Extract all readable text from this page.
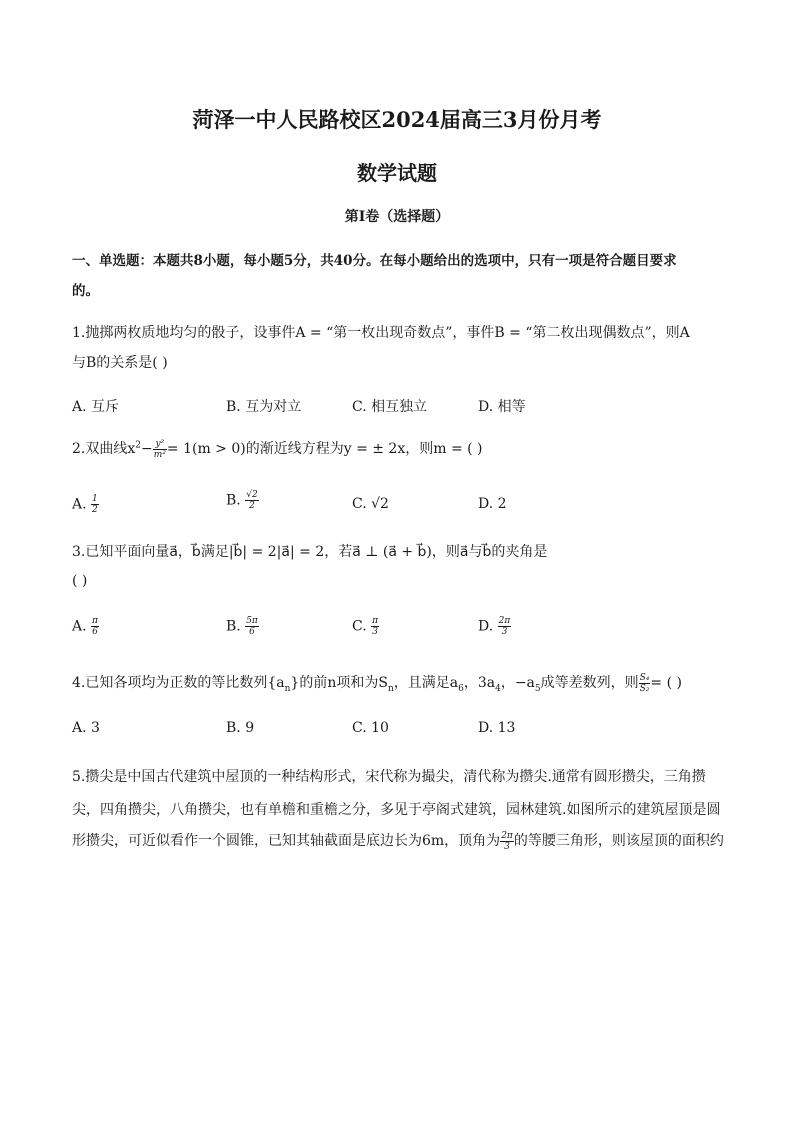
菏泽一中人民路校区2024届高三3月份月考
数学试题
第I卷（选择题）
一、单选题：本题共8小题，每小题5分，共40分。在每小题给出的选项中，只有一项是符合题目要求
的。
1.抛掷两枚质地均匀的骰子，设事件A = “第一枚出现奇数点”，事件B = “第二枚出现偶数点”，则A
与B的关系是( )
A. 互斥	B. 互为对立	C. 相互独立	D. 相等
2.双曲线$x^2- \frac{\text{y²}}{\text{m²}} = 1(m > 0)$的渐近线方程为y = ± 2x，则m = ( )
A. $\frac{1}{2}$	B. $\frac{√2}{2}$	C. √2	D. 2
3.已知平面向量a⃗，b⃗满足|b⃗| = 2|a⃗| = 2，若a⃗ ⊥ (a⃗ + b⃗)，则a⃗与b⃗的夹角是
( )
A. $\frac{\pi}{6}$	B. $\frac{5\pi}{6}$	C. $\frac{\pi}{3}$	D. $\frac{2\pi}{3}$
4.已知各项均为正数的等比数列$\{a_n\}$的前n项和为$S_n$，且满足$a_6$，$3a_4$，$-a_5$成等差数列，则 $\frac{\text{S₄}}{\text{S₂}}$ = ( )
A. 3	B. 9	C. 10	D. 13
5.攒尖是中国古代建筑中屋顶的一种结构形式，宋代称为撮尖，清代称为攒尖.通常有圆形攒尖，三角攒
尖，四角攒尖，八角攒尖，也有单檐和重檐之分，多见于亭阁式建筑，园林建筑.如图所示的建筑屋顶是圆
形攒尖，可近似看作一个圆锥，已知其轴截面是底边长为6m，顶角为 $\frac{2\pi}{3}$ 的等腰三角形，则该屋顶的面积约
